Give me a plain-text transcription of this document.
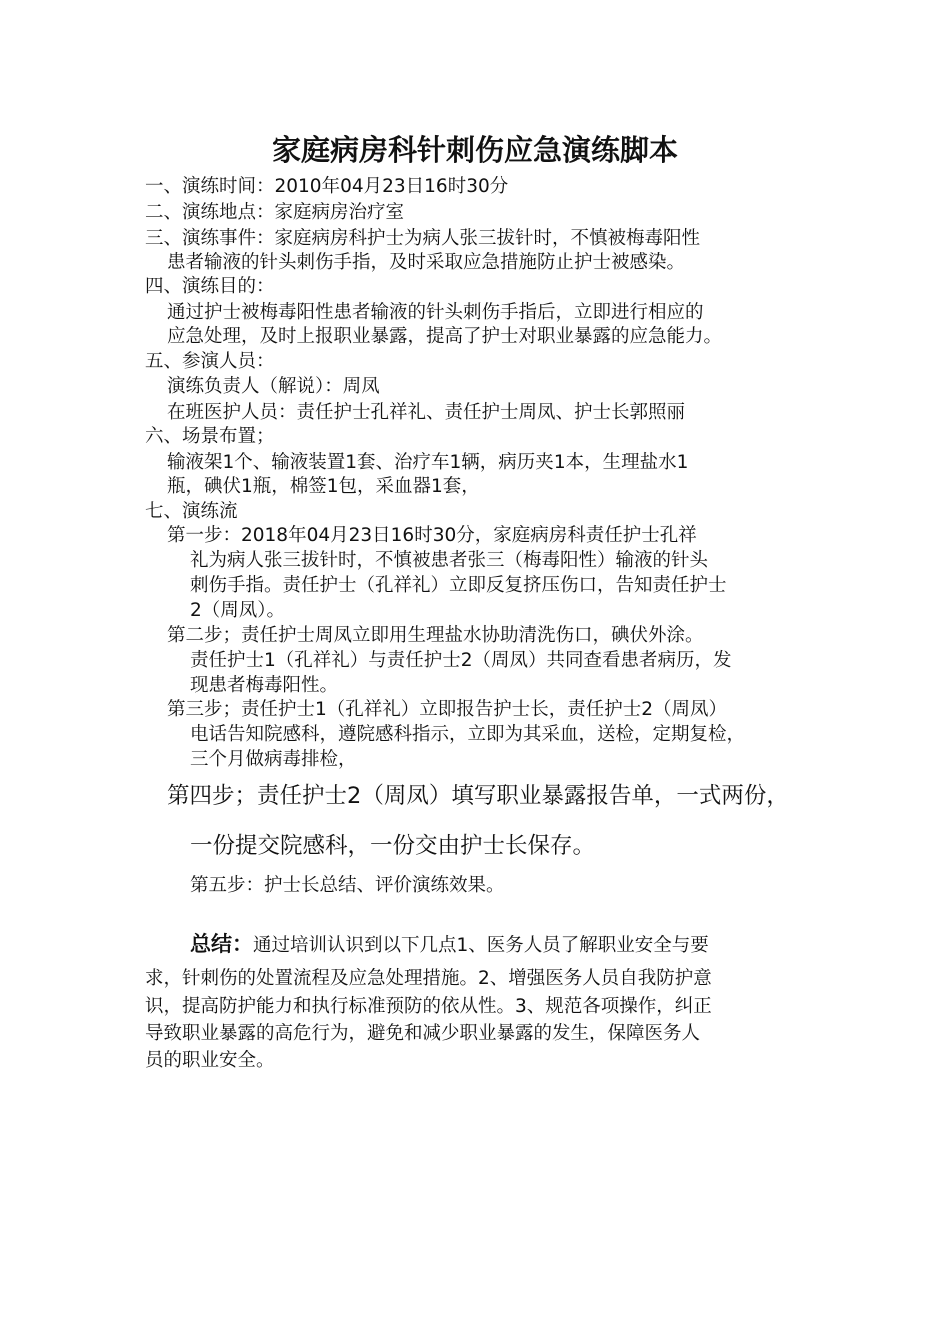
家庭病房科针刺伤应急演练脚本

一、演练时间：2010年04月23日16时30分

二、演练地点：家庭病房治疗室

三、演练事件：家庭病房科护士为病人张三拔针时，不慎被梅毒阳性

患者输液的针头刺伤手指，及时采取应急措施防止护士被感染。

四、演练目的：

通过护士被梅毒阳性患者输液的针头刺伤手指后，立即进行相应的

应急处理，及时上报职业暴露，提高了护士对职业暴露的应急能力。

五、参演人员：

演练负责人（解说）：周凤

在班医护人员：责任护士孔祥礼、责任护士周凤、护士长郭照丽

六、场景布置；

输液架1个、输液装置1套、治疗车1辆，病历夹1本，生理盐水1

瓶，碘伏1瓶，棉签1包，采血器1套，

七、演练流

第一步：2018年04月23日16时30分，家庭病房科责任护士孔祥

礼为病人张三拔针时，不慎被患者张三（梅毒阳性）输液的针头

刺伤手指。责任护士（孔祥礼）立即反复挤压伤口，告知责任护士

2（周凤）。

第二步；责任护士周凤立即用生理盐水协助清洗伤口，碘伏外涂。

责任护士1（孔祥礼）与责任护士2（周凤）共同查看患者病历，发

现患者梅毒阳性。

第三步；责任护士1（孔祥礼）立即报告护士长，责任护士2（周凤）

电话告知院感科，遵院感科指示，立即为其采血，送检，定期复检，

三个月做病毒排检，

第四步；责任护士2（周凤）填写职业暴露报告单，一式两份，

一份提交院感科，一份交由护士长保存。

第五步：护士长总结、评价演练效果。

总结：通过培训认识到以下几点1、医务人员了解职业安全与要

求，针刺伤的处置流程及应急处理措施。2、增强医务人员自我防护意

识，提高防护能力和执行标准预防的依从性。3、规范各项操作，纠正

导致职业暴露的高危行为，避免和减少职业暴露的发生，保障医务人

员的职业安全。
